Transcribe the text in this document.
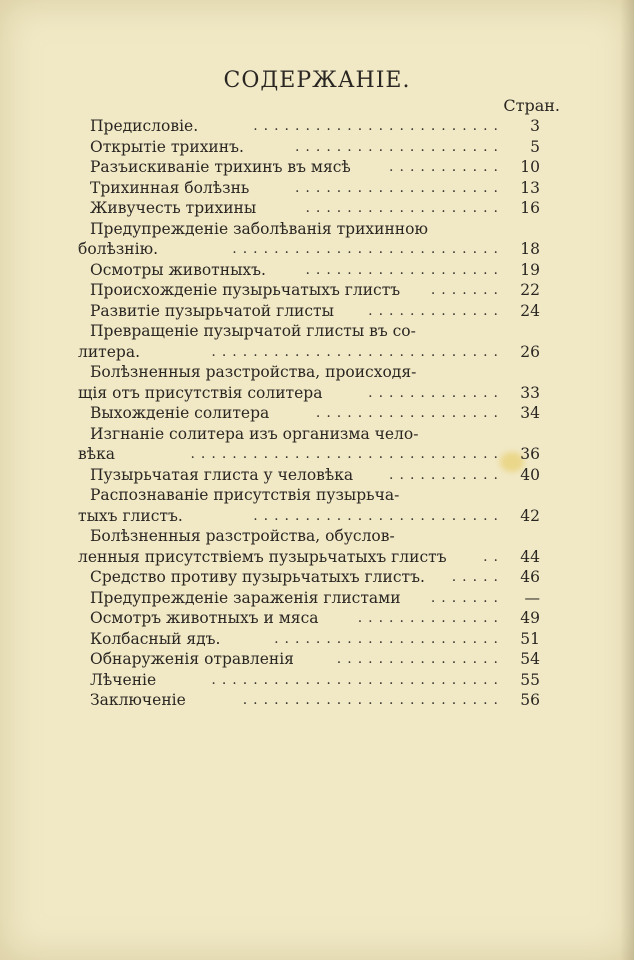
СОДЕРЖАНІЕ.
Стран.
Предисловіе.	........................	3
Открытіе трихинъ.	....................	5
Разъискиваніе трихинъ въ мясѣ	...........	10
Трихинная болѣзнь	....................	13
Живучесть трихины	...................	16
Предупрежденіе заболѣванія трихинною
болѣзнію.	..........................	18
Осмотры животныхъ.	...................	19
Происхожденіе пузырьчатыхъ глистъ .......	22
Развитіе пузырьчатой глисты .............	24
Превращеніе пузырчатой глисты въ со-
литера.	............................	26
Болѣзненныя разстройства, происходя-
щія отъ присутствія солитера	.............	33
Выхожденіе солитера	..................	34
Изгнаніе солитера изъ организма чело-
вѣка	..............................	36
Пузырьчатая глиста у человѣка	...........	40
Распознаваніе присутствія пузырьча-
тыхъ глистъ.	........................	42
Болѣзненныя разстройства, обуслов-
ленныя присутствіемъ пузырьчатыхъ глистъ	..	44
Средство противу пузырьчатыхъ глистъ. .....	46
Предупрежденіе зараженія глистами .......	—
Осмотръ животныхъ и мяса	..............	49
Колбасный ядъ.	......................	51
Обнаруженія отравленія	................	54
Лѣченіе	............................	55
Заключеніе	.........................	56
